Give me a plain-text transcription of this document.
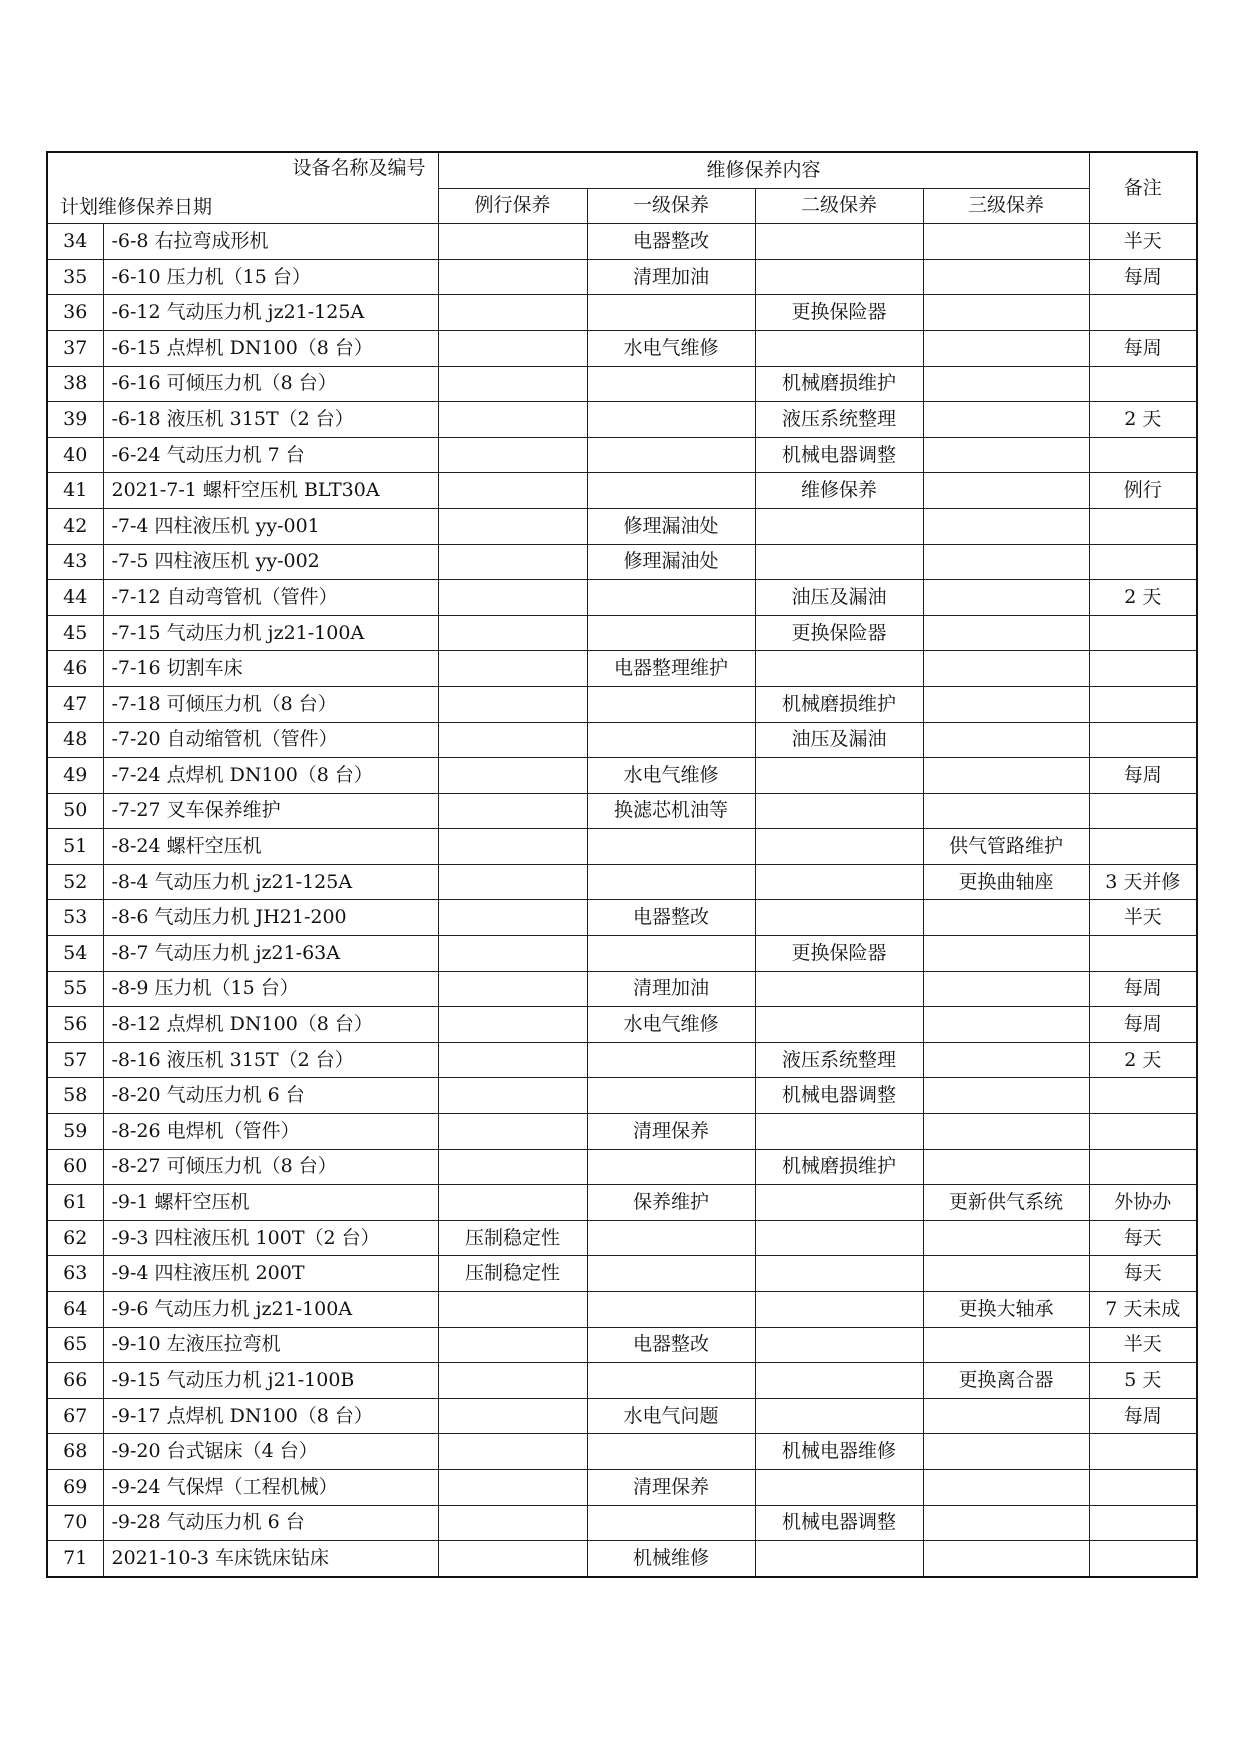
设备名称及编号
计划维修保养日期		维修保养内容				备注
		例行保养	一级保养	二级保养	三级保养	
34	-6-8 右拉弯成形机		电器整改			半天
35	-6-10 压力机（15 台）		清理加油			每周
36	-6-12 气动压力机 jz21-125A			更换保险器		
37	-6-15 点焊机 DN100（8 台）		水电气维修			每周
38	-6-16 可倾压力机（8 台）			机械磨损维护		
39	-6-18 液压机 315T（2 台）			液压系统整理		2 天
40	-6-24 气动压力机 7 台			机械电器调整		
41	2021-7-1 螺杆空压机 BLT30A			维修保养		例行
42	-7-4 四柱液压机 yy-001		修理漏油处			
43	-7-5 四柱液压机 yy-002		修理漏油处			
44	-7-12 自动弯管机（管件）			油压及漏油		2 天
45	-7-15 气动压力机 jz21-100A			更换保险器		
46	-7-16 切割车床		电器整理维护			
47	-7-18 可倾压力机（8 台）			机械磨损维护		
48	-7-20 自动缩管机（管件）			油压及漏油		
49	-7-24 点焊机 DN100（8 台）		水电气维修			每周
50	-7-27 叉车保养维护		换滤芯机油等			
51	-8-24 螺杆空压机				供气管路维护	
52	-8-4 气动压力机 jz21-125A				更换曲轴座	3 天并修
53	-8-6 气动压力机 JH21-200		电器整改			半天
54	-8-7 气动压力机 jz21-63A			更换保险器		
55	-8-9 压力机（15 台）		清理加油			每周
56	-8-12 点焊机 DN100（8 台）		水电气维修			每周
57	-8-16 液压机 315T（2 台）			液压系统整理		2 天
58	-8-20 气动压力机 6 台			机械电器调整		
59	-8-26 电焊机（管件）		清理保养			
60	-8-27 可倾压力机（8 台）			机械磨损维护		
61	-9-1 螺杆空压机		保养维护		更新供气系统	外协办
62	-9-3 四柱液压机 100T（2 台）	压制稳定性				每天
63	-9-4 四柱液压机 200T	压制稳定性				每天
64	-9-6 气动压力机 jz21-100A				更换大轴承	7 天未成
65	-9-10 左液压拉弯机		电器整改			半天
66	-9-15 气动压力机 j21-100B				更换离合器	5 天
67	-9-17 点焊机 DN100（8 台）		水电气问题			每周
68	-9-20 台式锯床（4 台）			机械电器维修		
69	-9-24 气保焊（工程机械）		清理保养			
70	-9-28 气动压力机 6 台			机械电器调整		
71	2021-10-3 车床铣床钻床		机械维修			
